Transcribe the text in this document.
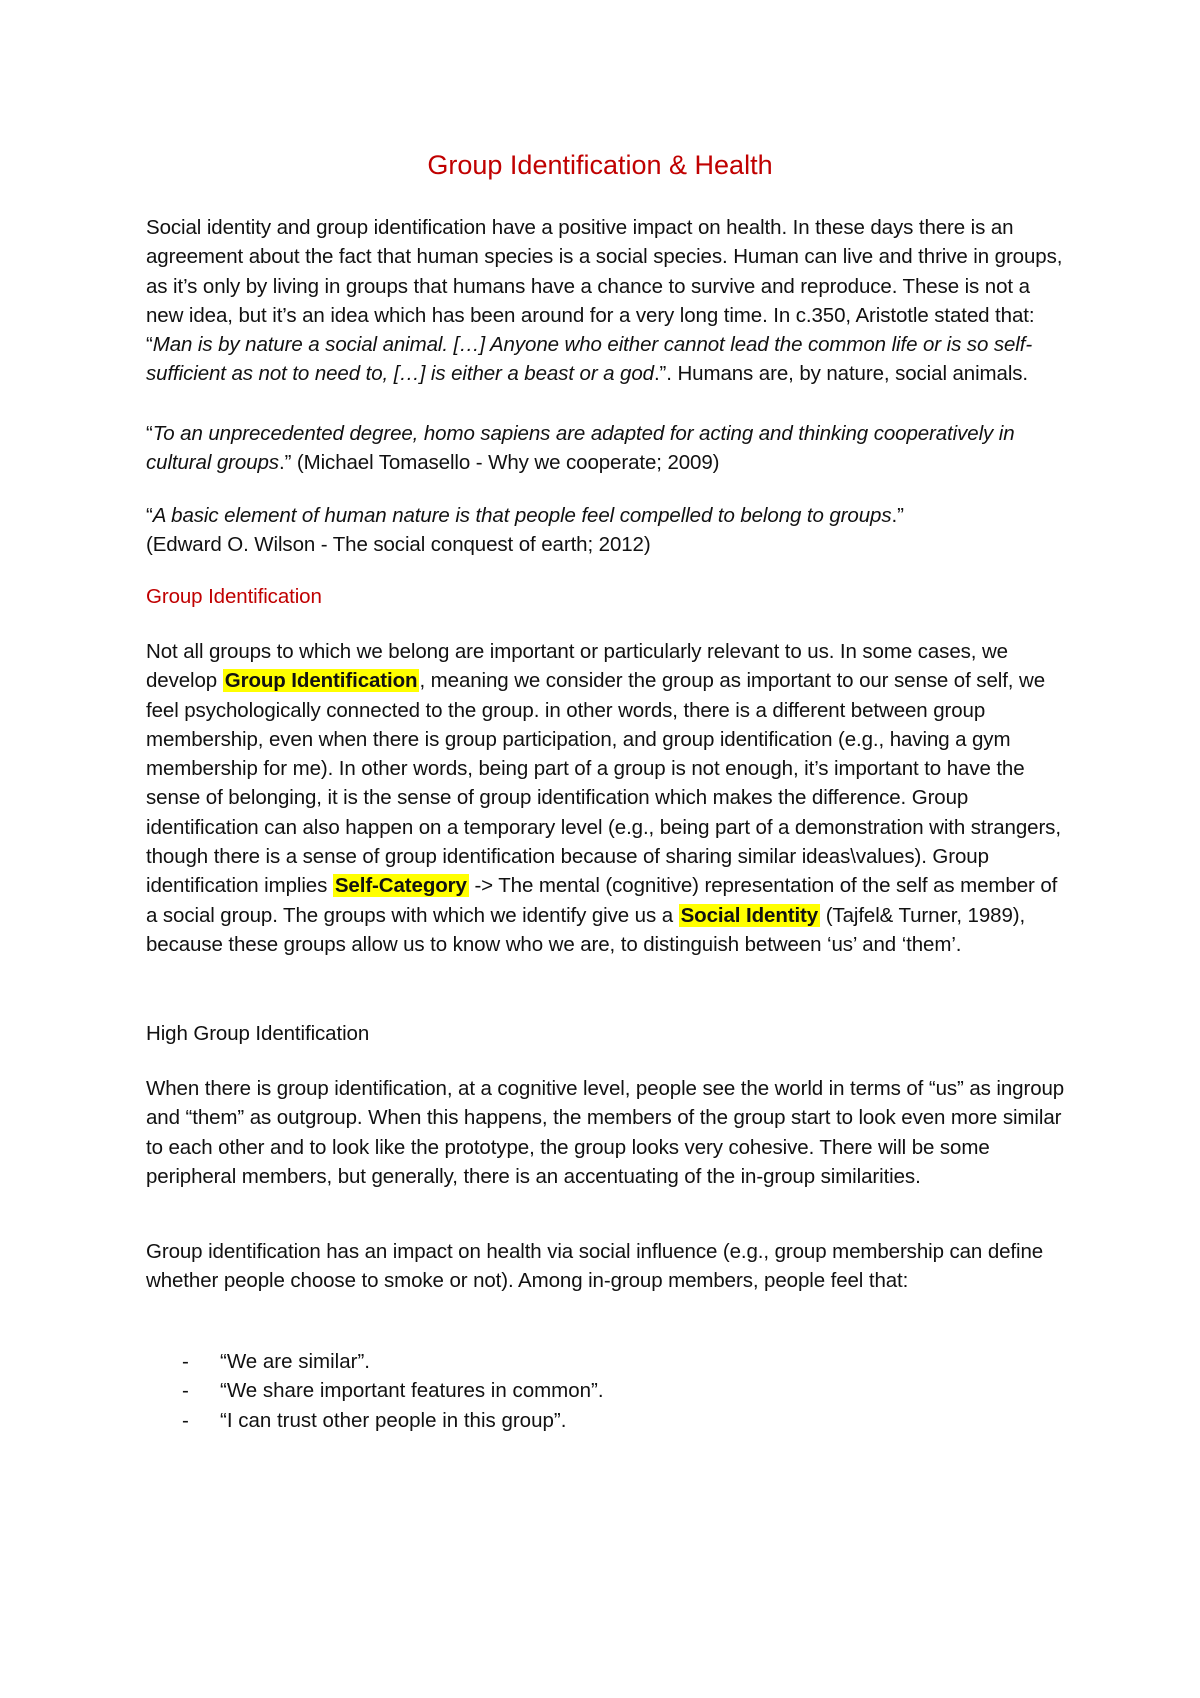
Group Identification & Health

Social identity and group identification have a positive impact on health. In these days there is an agreement about the fact that human species is a social species. Human can live and thrive in groups, as it’s only by living in groups that humans have a chance to survive and reproduce. These is not a new idea, but it’s an idea which has been around for a very long time. In c.350, Aristotle stated that: “Man is by nature a social animal. […] Anyone who either cannot lead the common life or is so self-sufficient as not to need to, […] is either a beast or a god.”. Humans are, by nature, social animals.

“To an unprecedented degree, homo sapiens are adapted for acting and thinking cooperatively in cultural groups.” (Michael Tomasello - Why we cooperate; 2009)

“A basic element of human nature is that people feel compelled to belong to groups.”
(Edward O. Wilson - The social conquest of earth; 2012)

Group Identification

Not all groups to which we belong are important or particularly relevant to us. In some cases, we develop Group Identification, meaning we consider the group as important to our sense of self, we feel psychologically connected to the group. in other words, there is a different between group membership, even when there is group participation, and group identification (e.g., having a gym membership for me). In other words, being part of a group is not enough, it’s important to have the sense of belonging, it is the sense of group identification which makes the difference. Group identification can also happen on a temporary level (e.g., being part of a demonstration with strangers, though there is a sense of group identification because of sharing similar ideas\values). Group identification implies Self-Category -> The mental (cognitive) representation of the self as member of a social group. The groups with which we identify give us a Social Identity (Tajfel& Turner, 1989), because these groups allow us to know who we are, to distinguish between ‘us’ and ‘them’.

High Group Identification

When there is group identification, at a cognitive level, people see the world in terms of “us” as ingroup and “them” as outgroup. When this happens, the members of the group start to look even more similar to each other and to look like the prototype, the group looks very cohesive. There will be some peripheral members, but generally, there is an accentuating of the in-group similarities.

Group identification has an impact on health via social influence (e.g., group membership can define whether people choose to smoke or not). Among in-group members, people feel that:

- “We are similar”.
- “We share important features in common”.
- “I can trust other people in this group”.
